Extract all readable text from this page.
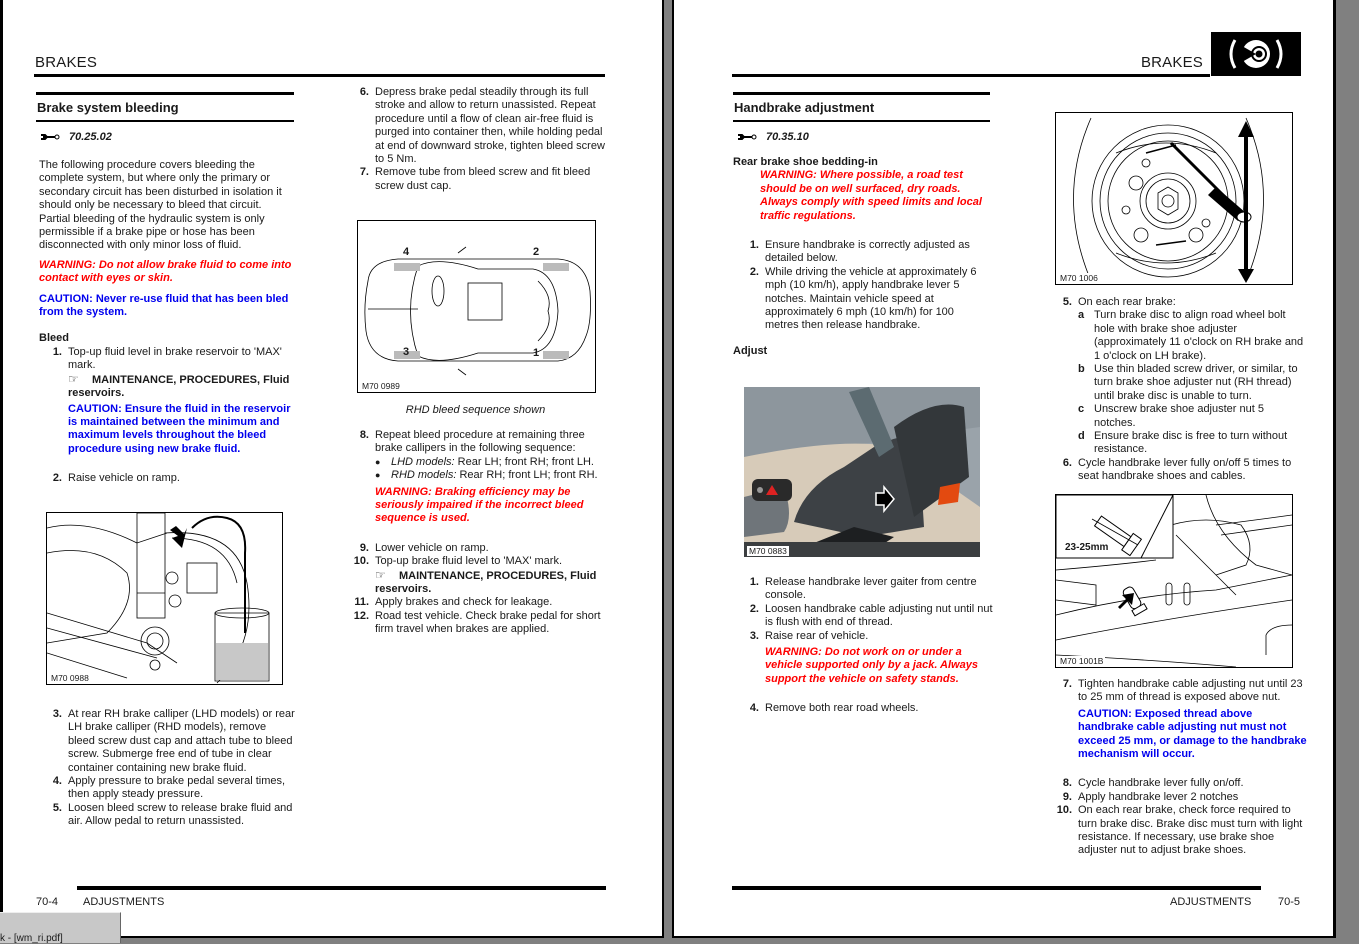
BRAKES
Brake system bleeding
70.25.02
The following procedure covers bleeding the complete system, but where only the primary or secondary circuit has been disturbed in isolation it should only be necessary to bleed that circuit. Partial bleeding of the hydraulic system is only permissible if a brake pipe or hose has been disconnected with only minor loss of fluid.
WARNING: Do not allow brake fluid to come into contact with eyes or skin.
CAUTION: Never re-use fluid that has been bled from the system.
Bleed
1. Top-up fluid level in brake reservoir to 'MAX' mark.
☞ MAINTENANCE, PROCEDURES, Fluid reservoirs.
CAUTION: Ensure the fluid in the reservoir is maintained between the minimum and maximum levels throughout the bleed procedure using new brake fluid.
2. Raise vehicle on ramp.
M70 0988
3. At rear RH brake calliper (LHD models) or rear LH brake calliper (RHD models), remove bleed screw dust cap and attach tube to bleed screw. Submerge free end of tube in clear container containing new brake fluid.
4. Apply pressure to brake pedal several times, then apply steady pressure.
5. Loosen bleed screw to release brake fluid and air. Allow pedal to return unassisted.
6. Depress brake pedal steadily through its full stroke and allow to return unassisted. Repeat procedure until a flow of clean air-free fluid is purged into container then, while holding pedal at end of downward stroke, tighten bleed screw to 5 Nm.
7. Remove tube from bleed screw and fit bleed screw dust cap.
4	2
3	1
M70 0989
RHD bleed sequence shown
8. Repeat bleed procedure at remaining three brake callipers in the following sequence:
● LHD models: Rear LH; front RH; front LH.
● RHD models: Rear RH; front LH; front RH.
WARNING: Braking efficiency may be seriously impaired if the incorrect bleed sequence is used.
9. Lower vehicle on ramp.
10. Top-up brake fluid level to 'MAX' mark.
☞ MAINTENANCE, PROCEDURES, Fluid reservoirs.
11. Apply brakes and check for leakage.
12. Road test vehicle. Check brake pedal for short firm travel when brakes are applied.
70-4 ADJUSTMENTS
BRAKES
Handbrake adjustment
70.35.10
Rear brake shoe bedding-in
WARNING: Where possible, a road test should be on well surfaced, dry roads. Always comply with speed limits and local traffic regulations.
1. Ensure handbrake is correctly adjusted as detailed below.
2. While driving the vehicle at approximately 6 mph (10 km/h), apply handbrake lever 5 notches. Maintain vehicle speed at approximately 6 mph (10 km/h) for 100 metres then release handbrake.
Adjust
M70 0883
1. Release handbrake lever gaiter from centre console.
2. Loosen handbrake cable adjusting nut until nut is flush with end of thread.
3. Raise rear of vehicle.
WARNING: Do not work on or under a vehicle supported only by a jack. Always support the vehicle on safety stands.
4. Remove both rear road wheels.
M70 1006
5. On each rear brake:
a Turn brake disc to align road wheel bolt hole with brake shoe adjuster (approximately 11 o'clock on RH brake and 1 o'clock on LH brake).
b Use thin bladed screw driver, or similar, to turn brake shoe adjuster nut (RH thread) until brake disc is unable to turn.
c Unscrew brake shoe adjuster nut 5 notches.
d Ensure brake disc is free to turn without resistance.
6. Cycle handbrake lever fully on/off 5 times to seat handbrake shoes and cables.
23-25mm
M70 1001B
7. Tighten handbrake cable adjusting nut until 23 to 25 mm of thread is exposed above nut.
CAUTION: Exposed thread above handbrake cable adjusting nut must not exceed 25 mm, or damage to the handbrake mechanism will occur.
8. Cycle handbrake lever fully on/off.
9. Apply handbrake lever 2 notches
10. On each rear brake, check force required to turn brake disc. Brake disc must turn with light resistance. If necessary, use brake shoe adjuster nut to adjust brake shoes.
ADJUSTMENTS 70-5
k - [wm_ri.pdf]
